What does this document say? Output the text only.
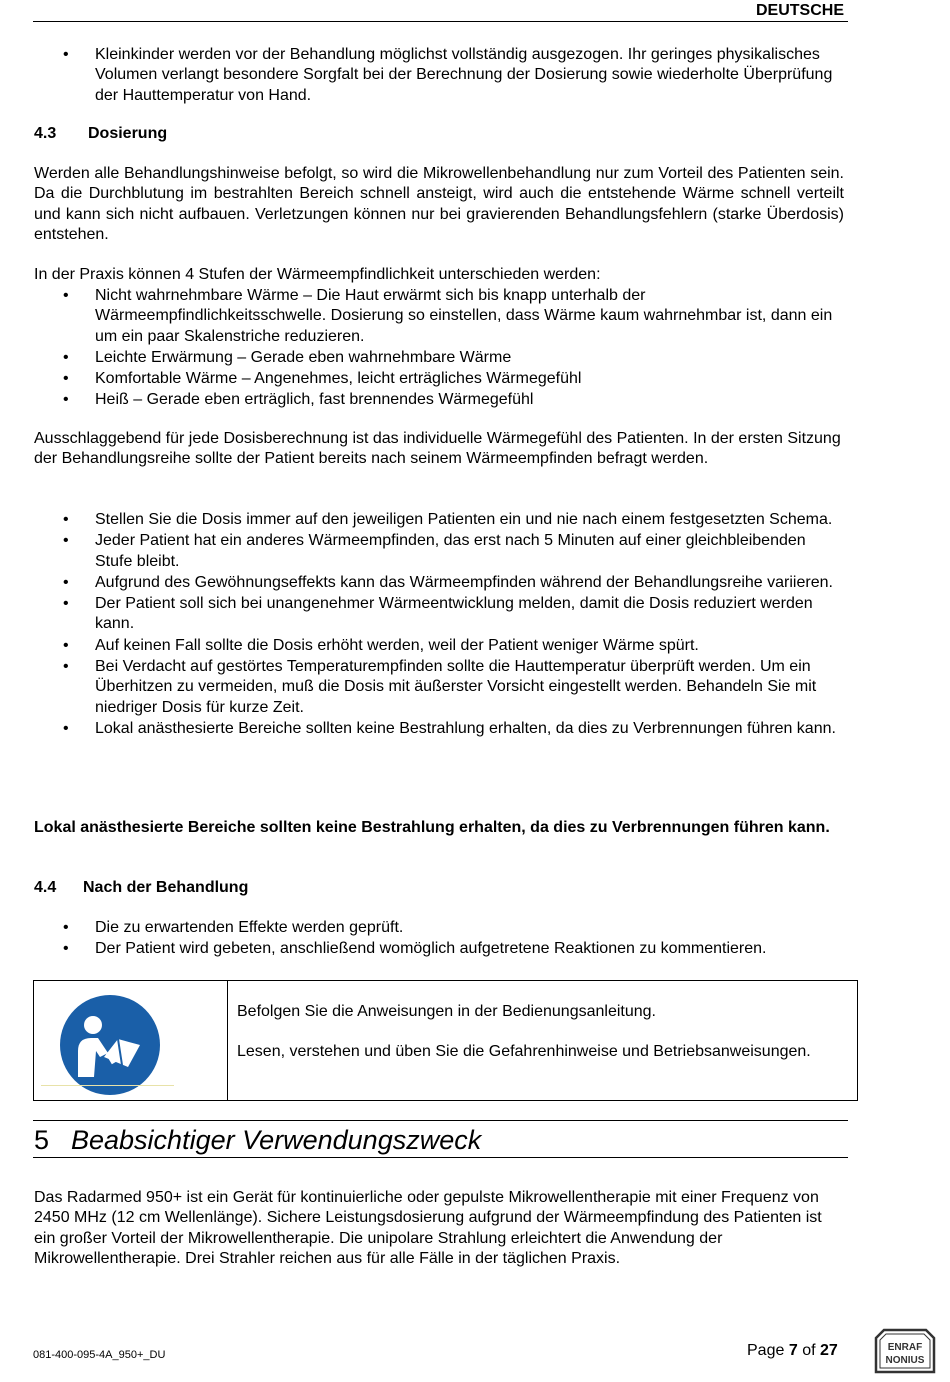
DEUTSCHE
• Kleinkinder werden vor der Behandlung möglichst vollständig ausgezogen. Ihr geringes physikalisches Volumen verlangt besondere Sorgfalt bei der Berechnung der Dosierung sowie wiederholte Überprüfung der Hauttemperatur von Hand.
4.3 Dosierung

Werden alle Behandlungshinweise befolgt, so wird die Mikrowellenbehandlung nur zum Vorteil des Patienten sein. Da die Durchblutung im bestrahlten Bereich schnell ansteigt, wird auch die entstehende Wärme schnell verteilt und kann sich nicht aufbauen. Verletzungen können nur bei gravierenden Behandlungsfehlern (starke Überdosis) entstehen.

In der Praxis können 4 Stufen der Wärmeempfindlichkeit unterschieden werden:

• Nicht wahrnehmbare Wärme – Die Haut erwärmt sich bis knapp unterhalb der Wärmeempfindlichkeitsschwelle. Dosierung so einstellen, dass Wärme kaum wahrnehmbar ist, dann ein um ein paar Skalenstriche reduzieren.
• Leichte Erwärmung – Gerade eben wahrnehmbare Wärme
• Komfortable Wärme – Angenehmes, leicht erträgliches Wärmegefühl
• Heiß – Gerade eben erträglich, fast brennendes Wärmegefühl

Ausschlaggebend für jede Dosisberechnung ist das individuelle Wärmegefühl des Patienten. In der ersten Sitzung der Behandlungsreihe sollte der Patient bereits nach seinem Wärmeempfinden befragt werden.

• Stellen Sie die Dosis immer auf den jeweiligen Patienten ein und nie nach einem festgesetzten Schema.
• Jeder Patient hat ein anderes Wärmeempfinden, das erst nach 5 Minuten auf einer gleichbleibenden Stufe bleibt.
• Aufgrund des Gewöhnungseffekts kann das Wärmeempfinden während der Behandlungsreihe variieren.
• Der Patient soll sich bei unangenehmer Wärmeentwicklung melden, damit die Dosis reduziert werden kann.
• Auf keinen Fall sollte die Dosis erhöht werden, weil der Patient weniger Wärme spürt.
• Bei Verdacht auf gestörtes Temperaturempfinden sollte die Hauttemperatur überprüft werden. Um ein Überhitzen zu vermeiden, muß die Dosis mit äußerster Vorsicht eingestellt werden. Behandeln Sie mit niedriger Dosis für kurze Zeit.
• Lokal anästhesierte Bereiche sollten keine Bestrahlung erhalten, da dies zu Verbrennungen führen kann.

Lokal anästhesierte Bereiche sollten keine Bestrahlung erhalten, da dies zu Verbrennungen führen kann.

4.4 Nach der Behandlung
• Die zu erwartenden Effekte werden geprüft.
• Der Patient wird gebeten, anschließend womöglich aufgetretene Reaktionen zu kommentieren.

Befolgen Sie die Anweisungen in der Bedienungsanleitung.

Lesen, verstehen und üben Sie die Gefahrenhinweise und Betriebsanweisungen.

5 Beabsichtiger Verwendungszweck

Das Radarmed 950+ ist ein Gerät für kontinuierliche oder gepulste Mikrowellentherapie mit einer Frequenz von 2450 MHz (12 cm Wellenlänge). Sichere Leistungsdosierung aufgrund der Wärmeempfindung des Patienten ist ein großer Vorteil der Mikrowellentherapie. Die unipolare Strahlung erleichtert die Anwendung der Mikrowellentherapie. Drei Strahler reichen aus für alle Fälle in der täglichen Praxis.

081-400-095-4A_950+_DU	Page 7 of 27	ENRAF
NONIUS
